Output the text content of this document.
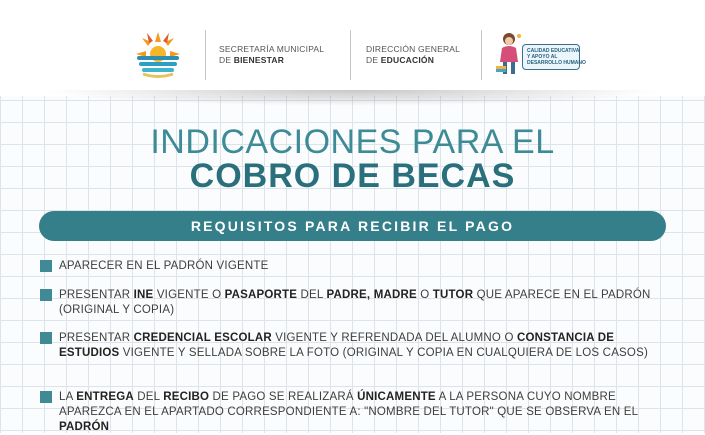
SECRETARÍA MUNICIPAL
DE BIENESTAR
DIRECCIÓN GENERAL
DE EDUCACIÓN
CALIDAD EDUCATIVA
Y APOYO AL
DESARROLLO HUMANO
INDICACIONES PARA EL
COBRO DE BECAS
REQUISITOS PARA RECIBIR EL PAGO
APARECER EN EL PADRÓN VIGENTE
PRESENTAR INE VIGENTE O PASAPORTE DEL PADRE, MADRE O TUTOR QUE APARECE EN EL PADRÓN (ORIGINAL Y COPIA)
PRESENTAR CREDENCIAL ESCOLAR VIGENTE Y REFRENDADA DEL ALUMNO O CONSTANCIA DE ESTUDIOS VIGENTE Y SELLADA SOBRE LA FOTO (ORIGINAL Y COPIA EN CUALQUIERA DE LOS CASOS)
LA ENTREGA DEL RECIBO DE PAGO SE REALIZARÁ ÚNICAMENTE A LA PERSONA CUYO NOMBRE APAREZCA EN EL APARTADO CORRESPONDIENTE A: "NOMBRE DEL TUTOR" QUE SE OBSERVA EN EL PADRÓN
